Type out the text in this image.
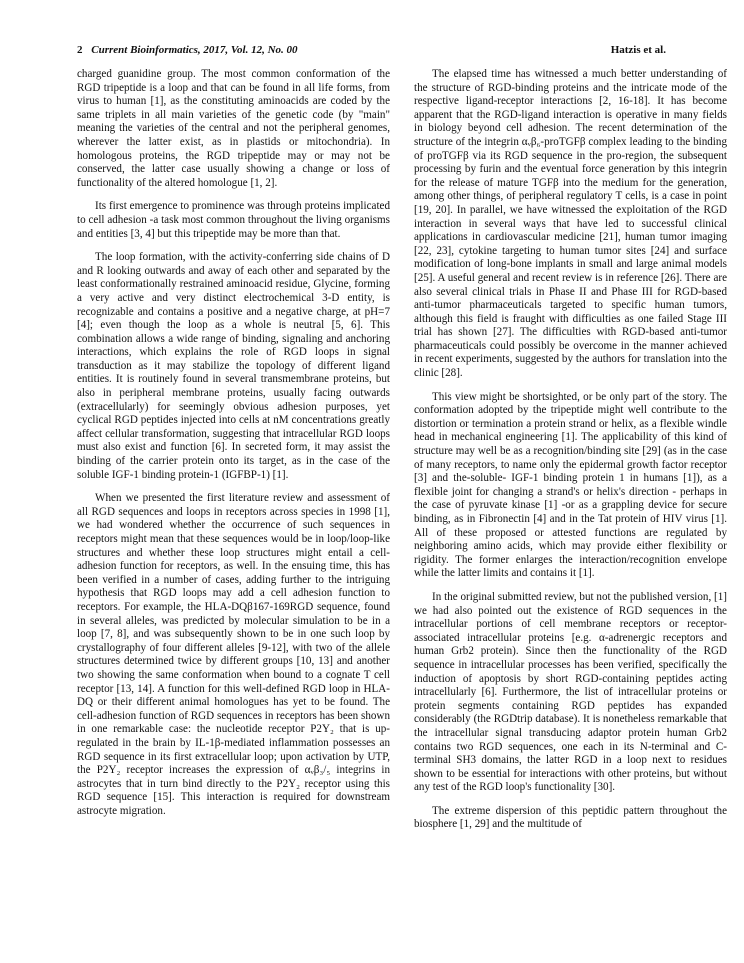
2 Current Bioinformatics, 2017, Vol. 12, No. 00	Hatzis et al.

charged guanidine group. The most common conformation of the RGD tripeptide is a loop and that can be found in all life forms, from virus to human [1], as the constituting aminoacids are coded by the same triplets in all main varieties of the genetic code (by "main" meaning the varieties of the central and not the peripheral genomes, wherever the latter exist, as in plastids or mitochondria). In homologous proteins, the RGD tripeptide may or may not be conserved, the latter case usually showing a change or loss of functionality of the altered homologue [1, 2].

Its first emergence to prominence was through proteins implicated to cell adhesion -a task most common throughout the living organisms and entities [3, 4] but this tripeptide may be more than that.

The loop formation, with the activity-conferring side chains of D and R looking outwards and away of each other and separated by the least conformationally restrained aminoacid residue, Glycine, forming a very active and very distinct electrochemical 3-D entity, is recognizable and contains a positive and a negative charge, at pH=7 [4]; even though the loop as a whole is neutral [5, 6]. This combination allows a wide range of binding, signaling and anchoring interactions, which explains the role of RGD loops in signal transduction as it may stabilize the topology of different ligand entities. It is routinely found in several transmembrane proteins, but also in peripheral membrane proteins, usually facing outwards (extracellularly) for seemingly obvious adhesion purposes, yet cyclical RGD peptides injected into cells at nM concentrations greatly affect cellular transformation, suggesting that intracellular RGD loops must also exist and function [6]. In secreted form, it may assist the binding of the carrier protein onto its target, as in the case of the soluble IGF-1 binding protein-1 (IGFBP-1) [1].

When we presented the first literature review and assessment of all RGD sequences and loops in receptors across species in 1998 [1], we had wondered whether the occurrence of such sequences in receptors might mean that these sequences would be in loop/loop-like structures and whether these loop structures might entail a cell-adhesion function for receptors, as well. In the ensuing time, this has been verified in a number of cases, adding further to the intriguing hypothesis that RGD loops may add a cell adhesion function to receptors. For example, the HLA-DQβ167-169RGD sequence, found in several alleles, was predicted by molecular simulation to be in a loop [7, 8], and was subsequently shown to be in one such loop by crystallography of four different alleles [9-12], with two of the allele structures determined twice by different groups [10, 13] and another two showing the same conformation when bound to a cognate T cell receptor [13, 14]. A function for this well-defined RGD loop in HLA-DQ or their different animal homologues has yet to be found. The cell-adhesion function of RGD sequences in receptors has been shown in one remarkable case: the nucleotide receptor P2Y₂ that is up-regulated in the brain by IL-1β-mediated inflammation possesses an RGD sequence in its first extracellular loop; upon activation by UTP, the P2Y₂ receptor increases the expression of αᵥβ₃/₅ integrins in astrocytes that in turn bind directly to the P2Y₂ receptor using this RGD sequence [15]. This interaction is required for downstream astrocyte migration.

The elapsed time has witnessed a much better understanding of the structure of RGD-binding proteins and the intricate mode of the respective ligand-receptor interactions [2, 16-18]. It has become apparent that the RGD-ligand interaction is operative in many fields in biology beyond cell adhesion. The recent determination of the structure of the integrin αᵥβ₆-proTGFβ complex leading to the binding of proTGFβ via its RGD sequence in the pro-region, the subsequent processing by furin and the eventual force generation by this integrin for the release of mature TGFβ into the medium for the generation, among other things, of peripheral regulatory T cells, is a case in point [19, 20]. In parallel, we have witnessed the exploitation of the RGD interaction in several ways that have led to successful clinical applications in cardiovascular medicine [21], human tumor imaging [22, 23], cytokine targeting to human tumor sites [24] and surface modification of long-bone implants in small and large animal models [25]. A useful general and recent review is in reference [26]. There are also several clinical trials in Phase II and Phase III for RGD-based anti-tumor pharmaceuticals targeted to specific human tumors, although this field is fraught with difficulties as one failed Stage III trial has shown [27]. The difficulties with RGD-based anti-tumor pharmaceuticals could possibly be overcome in the manner achieved in recent experiments, suggested by the authors for translation into the clinic [28].

This view might be shortsighted, or be only part of the story. The conformation adopted by the tripeptide might well contribute to the distortion or termination a protein strand or helix, as a flexible windle head in mechanical engineering [1]. The applicability of this kind of structure may well be as a recognition/binding site [29] (as in the case of many receptors, to name only the epidermal growth factor receptor [3] and the-soluble- IGF-1 binding protein 1 in humans [1]), as a flexible joint for changing a strand's or helix's direction - perhaps in the case of pyruvate kinase [1] -or as a grappling device for secure binding, as in Fibronectin [4] and in the Tat protein of HIV virus [1]. All of these proposed or attested functions are regulated by neighboring amino acids, which may provide either flexibility or rigidity. The former enlarges the interaction/recognition envelope while the latter limits and contains it [1].

In the original submitted review, but not the published version, [1] we had also pointed out the existence of RGD sequences in the intracellular portions of cell membrane receptors or receptor-associated intracellular proteins [e.g. α-adrenergic receptors and human Grb2 protein). Since then the functionality of the RGD sequence in intracellular processes has been verified, specifically the induction of apoptosis by short RGD-containing peptides acting intracellularly [6]. Furthermore, the list of intracellular proteins or protein segments containing RGD peptides has expanded considerably (the RGDtrip database). It is nonetheless remarkable that the intracellular signal transducing adaptor protein human Grb2 contains two RGD sequences, one each in its N-terminal and C-terminal SH3 domains, the latter RGD in a loop next to residues shown to be essential for interactions with other proteins, but without any test of the RGD loop's functionality [30].

The extreme dispersion of this peptidic pattern throughout the biosphere [1, 29] and the multitude of
